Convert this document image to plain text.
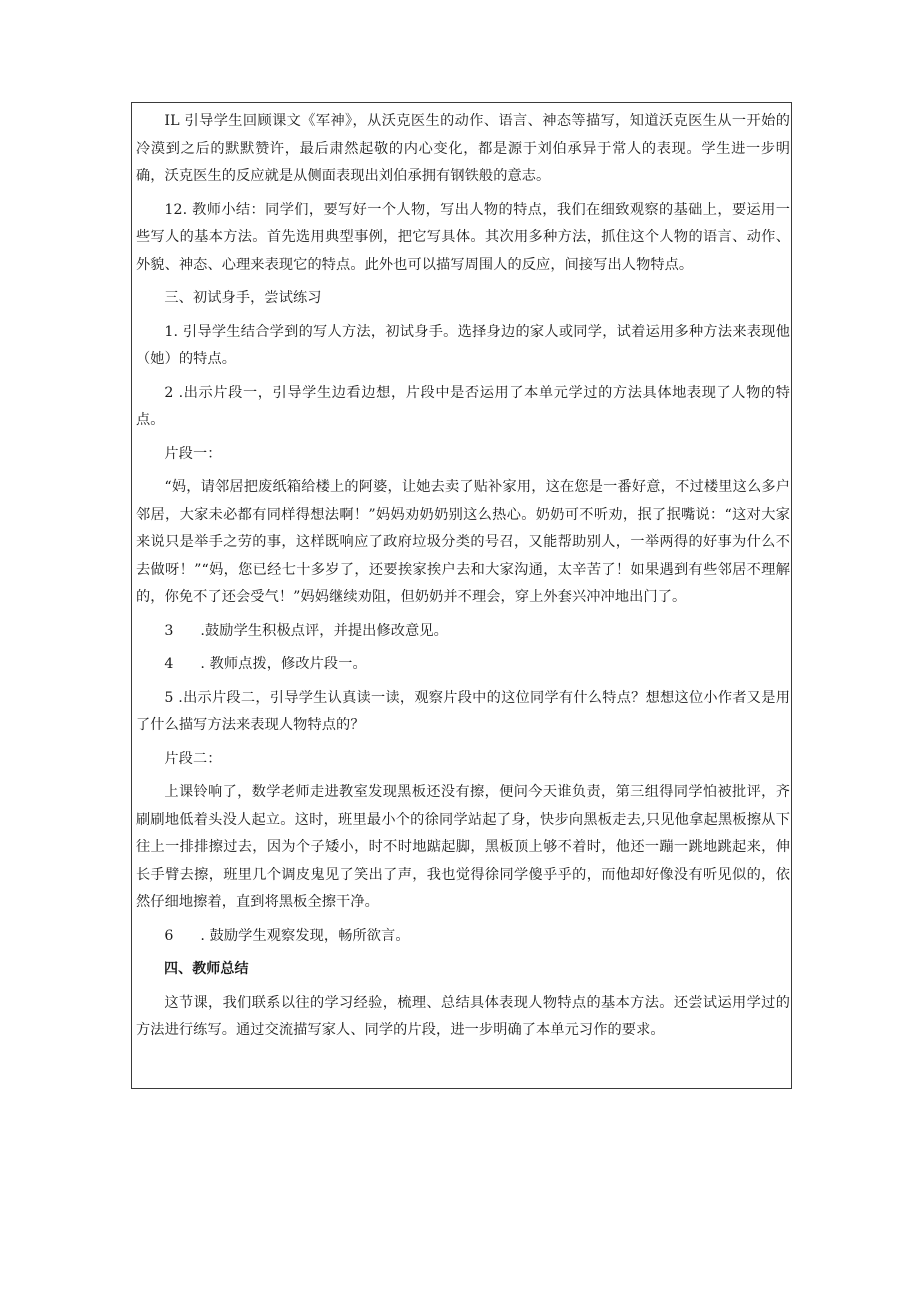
IL 引导学生回顾课文《军神》，从沃克医生的动作、语言、神态等描写，知道沃克医生从一开始的冷漠到之后的默默赞许，最后肃然起敬的内心变化，都是源于刘伯承异于常人的表现。学生进一步明确，沃克医生的反应就是从侧面表现出刘伯承拥有钢铁般的意志。

12. 教师小结：同学们，要写好一个人物，写出人物的特点，我们在细致观察的基础上，要运用一些写人的基本方法。首先选用典型事例，把它写具体。其次用多种方法，抓住这个人物的语言、动作、外貌、神态、心理来表现它的特点。此外也可以描写周围人的反应，间接写出人物特点。

三、初试身手，尝试练习

1. 引导学生结合学到的写人方法，初试身手。选择身边的家人或同学，试着运用多种方法来表现他（她）的特点。

2 .出示片段一，引导学生边看边想，片段中是否运用了本单元学过的方法具体地表现了人物的特点。

片段一：

“妈，请邻居把废纸箱给楼上的阿婆，让她去卖了贴补家用，这在您是一番好意，不过楼里这么多户邻居，大家未必都有同样得想法啊！”妈妈劝奶奶别这么热心。奶奶可不听劝，抿了抿嘴说：“这对大家来说只是举手之劳的事，这样既响应了政府垃圾分类的号召，又能帮助别人，一举两得的好事为什么不去做呀！”“妈，您已经七十多岁了，还要挨家挨户去和大家沟通，太辛苦了！如果遇到有些邻居不理解的，你免不了还会受气！”妈妈继续劝阻，但奶奶并不理会，穿上外套兴冲冲地出门了。

3 .鼓励学生积极点评，并提出修改意见。

4 . 教师点拨，修改片段一。

5 .出示片段二，引导学生认真读一读，观察片段中的这位同学有什么特点？想想这位小作者又是用了什么描写方法来表现人物特点的？

片段二：

上课铃响了，数学老师走进教室发现黑板还没有擦，便问今天谁负责，第三组得同学怕被批评，齐刷刷地低着头没人起立。这时，班里最小个的徐同学站起了身，快步向黑板走去,只见他拿起黑板擦从下往上一排排擦过去，因为个子矮小，时不时地踮起脚，黑板顶上够不着时，他还一蹦一跳地跳起来，伸长手臂去擦，班里几个调皮鬼见了笑出了声，我也觉得徐同学傻乎乎的，而他却好像没有听见似的，依然仔细地擦着，直到将黑板全擦干净。

6 . 鼓励学生观察发现，畅所欲言。

四、教师总结

这节课，我们联系以往的学习经验，梳理、总结具体表现人物特点的基本方法。还尝试运用学过的方法进行练写。通过交流描写家人、同学的片段，进一步明确了本单元习作的要求。
